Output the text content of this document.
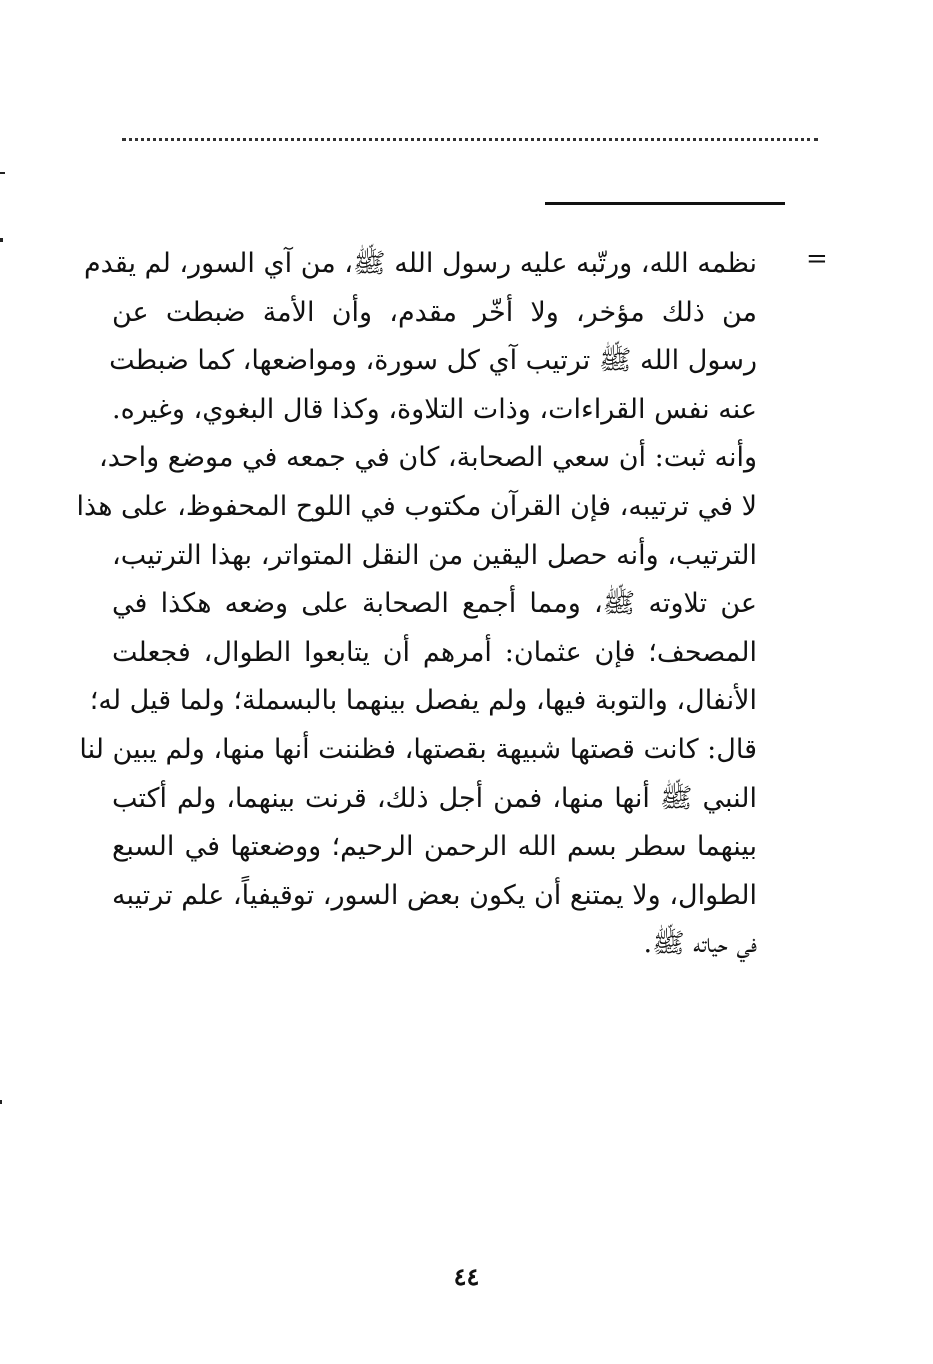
=
نظمه الله، ورتّبه عليه رسول الله ﷺ، من آي السور، لم يقدم
من ذلك مؤخر، ولا أخّر مقدم، وأن الأمة ضبطت عن
رسول الله ﷺ ترتيب آي كل سورة، ومواضعها، كما ضبطت
عنه نفس القراءات، وذات التلاوة، وكذا قال البغوي، وغيره.
وأنه ثبت: أن سعي الصحابة، كان في جمعه في موضع واحد،
لا في ترتيبه، فإن القرآن مكتوب في اللوح المحفوظ، على هذا
الترتيب، وأنه حصل اليقين من النقل المتواتر، بهذا الترتيب،
عن تلاوته ﷺ، ومما أجمع الصحابة على وضعه هكذا في
المصحف؛ فإن عثمان: أمرهم أن يتابعوا الطوال، فجعلت
الأنفال، والتوبة فيها، ولم يفصل بينهما بالبسملة؛ ولما قيل له؛
قال: كانت قصتها شبيهة بقصتها، فظننت أنها منها، ولم يبين لنا
النبي ﷺ أنها منها، فمن أجل ذلك، قرنت بينهما، ولم أكتب
بينهما سطر بسم الله الرحمن الرحيم؛ ووضعتها في السبع
الطوال، ولا يمتنع أن يكون بعض السور، توقيفياً، علم ترتيبه
في حياته ﷺ.
٤٤
